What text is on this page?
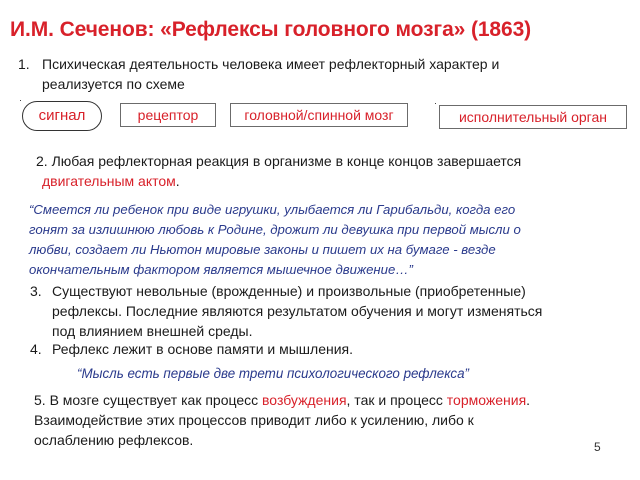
И.М. Сеченов: «Рефлексы головного мозга» (1863)
1. Психическая деятельность человека имеет рефлекторный характер и
реализуется по схеме
сигнал	рецептор	головной/спинной мозг	исполнительный орган
2. Любая рефлекторная реакция в организме в конце концов завершается
двигательным актом.
“Смеется ли ребенок при виде игрушки, улыбается ли Гарибальди, когда его
гонят за излишнюю любовь к Родине, дрожит ли девушка при первой мысли о
любви, создает ли Ньютон мировые законы и пишет их на бумаге - везде
окончательным фактором является мышечное движение…”
3. Существуют невольные (врожденные) и произвольные (приобретенные)
рефлексы. Последние являются результатом обучения и могут изменяться
под влиянием внешней среды.
4. Рефлекс лежит в основе памяти и мышления.
“Мысль есть первые две трети психологического рефлекса”
5. В мозге существует как процесс возбуждения, так и процесс торможения.
Взаимодействие этих процессов приводит либо к усилению, либо к
ослаблению рефлексов.	5
